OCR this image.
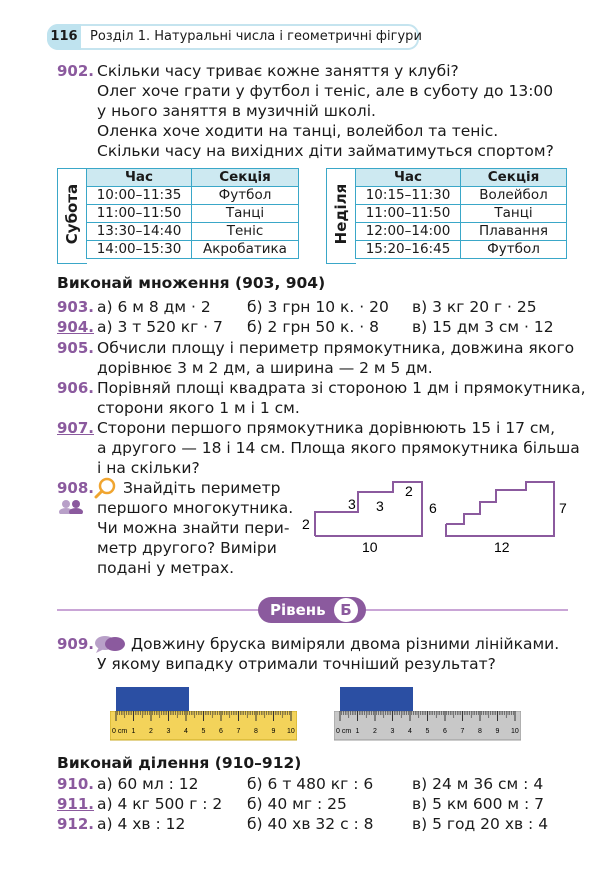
116 Розділ 1. Натуральні числа і геометричні фігури
902. Скільки часу триває кожне заняття у клубі?
Олег хоче грати у футбол і теніс, але в суботу до 13:00
у нього заняття в музичній школі.
Оленка хоче ходити на танці, волейбол та теніс.
Скільки часу на вихідних діти займатимуться спортом?
Субота
Час	Секція
10:00–11:35	Футбол
11:00–11:50	Танці
13:30–14:40	Теніс
14:00–15:30	Акробатика
Неділя
Час	Секція
10:15–11:30	Волейбол
11:00–11:50	Танці
12:00–14:00	Плавання
15:20–16:45	Футбол
Виконай множення (903, 904)
903. а) 6 м 8 дм · 2 б) 3 грн 10 к. · 20 в) 3 кг 20 г · 25
904. а) 3 т 520 кг · 7 б) 2 грн 50 к. · 8 в) 15 дм 3 см · 12
905. Обчисли площу і периметр прямокутника, довжина якого
дорівнює 3 м 2 дм, а ширина — 2 м 5 дм.
906. Порівняй площі квадрата зі стороною 1 дм і прямокутника,
сторони якого 1 м і 1 см.
907. Сторони першого прямокутника дорівнюють 15 і 17 см,
а другого — 18 і 14 см. Площа якого прямокутника більша
і на скільки?
908. Знайдіть периметр
першого многокутника.
Чи можна знайти пери-
метр другого? Виміри
подані у метрах.
2
3
3	6
2
10
7
12
Рівень Б
909. Довжину бруска виміряли двома різними лінійками.
У якому випадку отримали точніший результат?
0 cm 1 2 3 4 5 6 7 8 9 10	0 cm 1 2 3 4 5 6 7 8 9 10
Виконай ділення (910–912)
910. а) 60 мл : 12	б) 6 т 480 кг : 6	в) 24 м 36 см : 4
911. а) 4 кг 500 г : 2 б) 40 мг : 25	в) 5 км 600 м : 7
912. а) 4 хв : 12	б) 40 хв 32 с : 8 в) 5 год 20 хв : 4
